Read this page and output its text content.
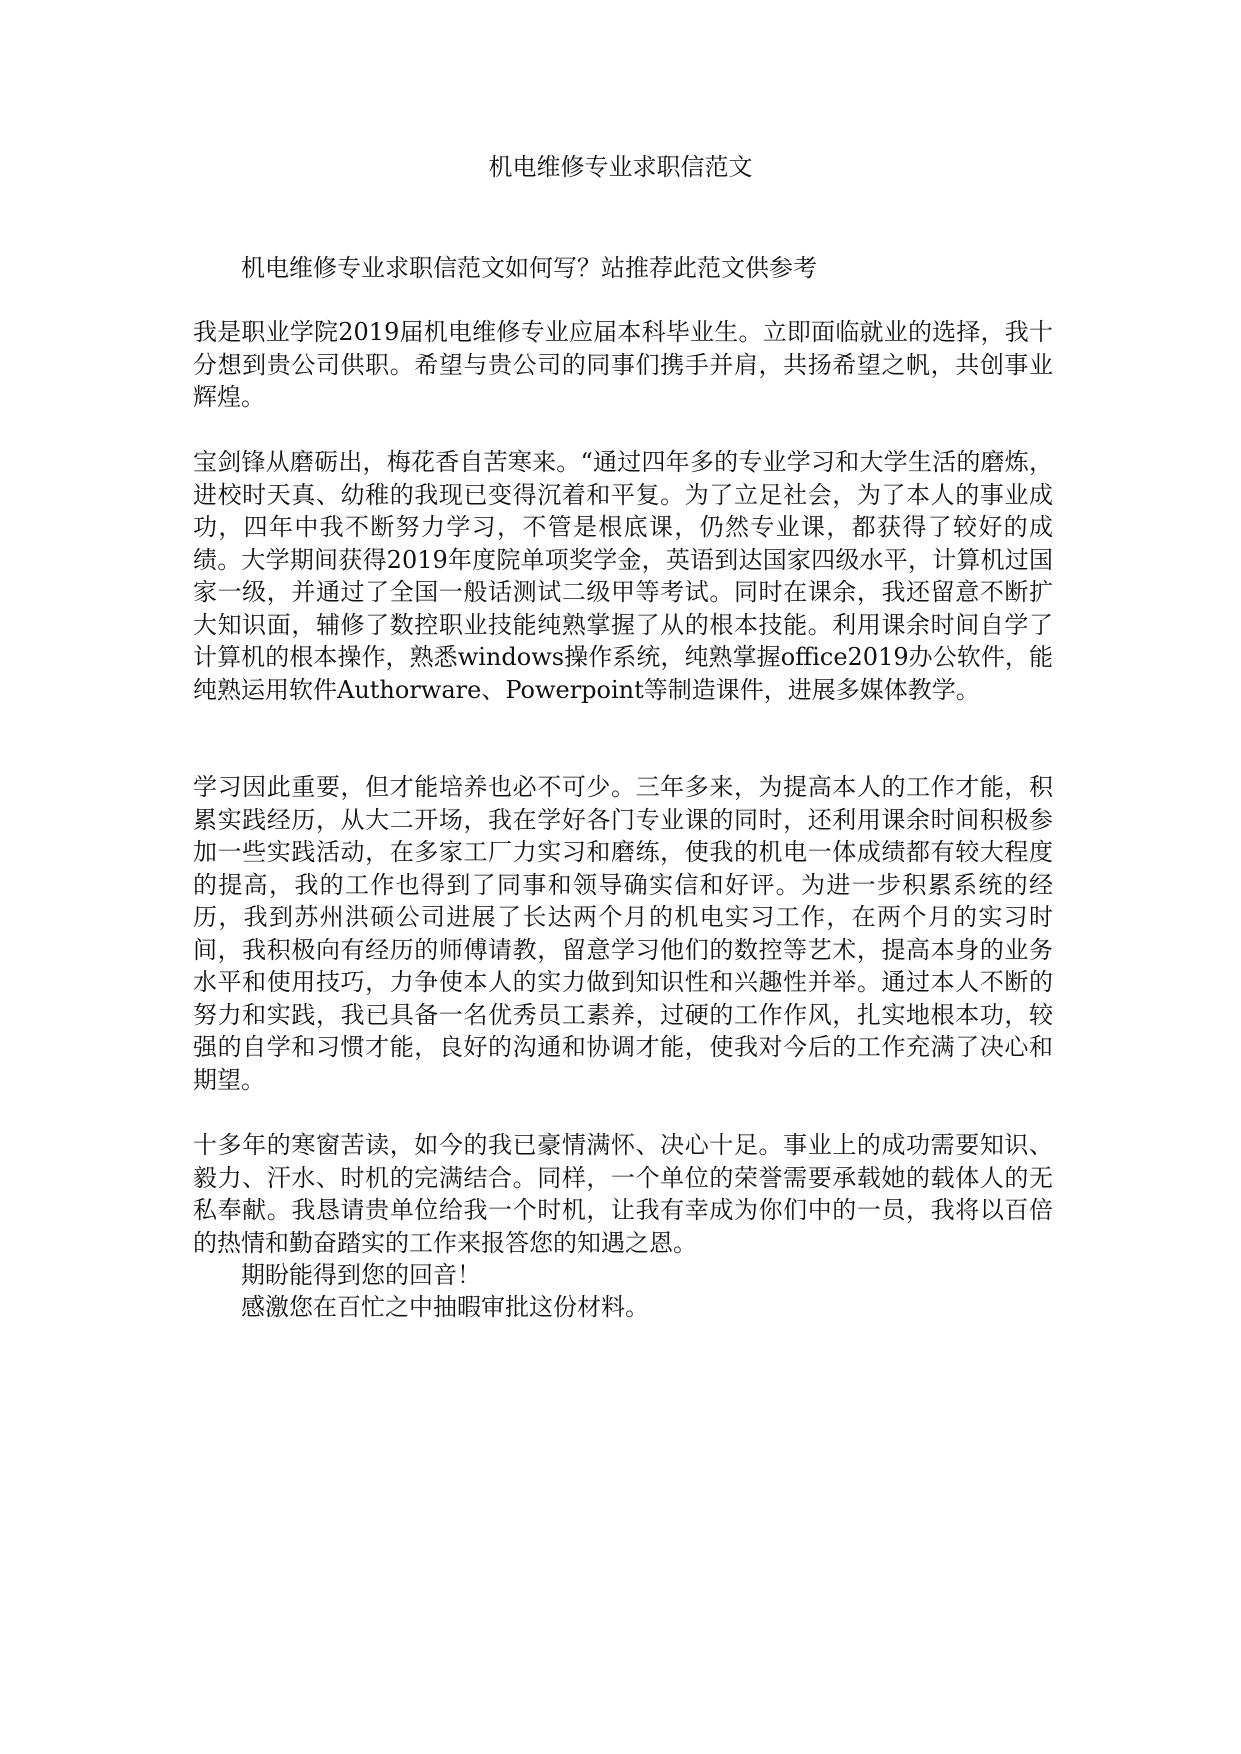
机电维修专业求职信范文

机电维修专业求职信范文如何写？站推荐此范文供参考

我是职业学院2019届机电维修专业应届本科毕业生。立即面临就业的选择，我十分想到贵公司供职。希望与贵公司的同事们携手并肩，共扬希望之帆，共创事业辉煌。

宝剑锋从磨砺出，梅花香自苦寒来。“通过四年多的专业学习和大学生活的磨炼，进校时天真、幼稚的我现已变得沉着和平复。为了立足社会，为了本人的事业成功，四年中我不断努力学习，不管是根底课，仍然专业课，都获得了较好的成绩。大学期间获得2019年度院单项奖学金，英语到达国家四级水平，计算机过国家一级，并通过了全国一般话测试二级甲等考试。同时在课余，我还留意不断扩大知识面，辅修了数控职业技能纯熟掌握了从的根本技能。利用课余时间自学了计算机的根本操作，熟悉windows操作系统，纯熟掌握office2019办公软件，能纯熟运用软件Authorware、Powerpoint等制造课件，进展多媒体教学。

学习因此重要，但才能培养也必不可少。三年多来，为提高本人的工作才能，积累实践经历，从大二开场，我在学好各门专业课的同时，还利用课余时间积极参加一些实践活动，在多家工厂力实习和磨练，使我的机电一体成绩都有较大程度的提高，我的工作也得到了同事和领导确实信和好评。为进一步积累系统的经历，我到苏州洪硕公司进展了长达两个月的机电实习工作，在两个月的实习时间，我积极向有经历的师傅请教，留意学习他们的数控等艺术，提高本身的业务水平和使用技巧，力争使本人的实力做到知识性和兴趣性并举。通过本人不断的努力和实践，我已具备一名优秀员工素养，过硬的工作作风，扎实地根本功，较强的自学和习惯才能，良好的沟通和协调才能，使我对今后的工作充满了决心和期望。

十多年的寒窗苦读，如今的我已豪情满怀、决心十足。事业上的成功需要知识、毅力、汗水、时机的完满结合。同样，一个单位的荣誉需要承载她的载体人的无私奉献。我恳请贵单位给我一个时机，让我有幸成为你们中的一员，我将以百倍的热情和勤奋踏实的工作来报答您的知遇之恩。

期盼能得到您的回音！

感激您在百忙之中抽暇审批这份材料。
